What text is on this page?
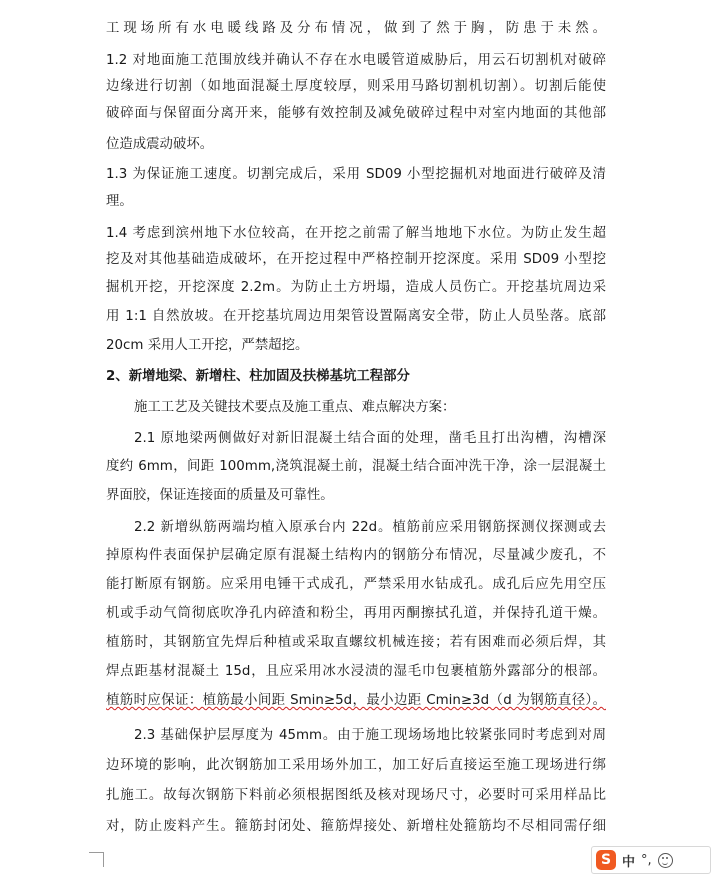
工现场所有水电暖线路及分布情况，做到了然于胸，防患于未然。
1.2 对地面施工范围放线并确认不存在水电暖管道威胁后，用云石切割机对破碎
边缘进行切割（如地面混凝土厚度较厚，则采用马路切割机切割）。切割后能使
破碎面与保留面分离开来，能够有效控制及减免破碎过程中对室内地面的其他部
位造成震动破坏。
1.3 为保证施工速度。切割完成后，采用 SD09 小型挖掘机对地面进行破碎及清
理。
1.4 考虑到滨州地下水位较高，在开挖之前需了解当地地下水位。为防止发生超
挖及对其他基础造成破坏，在开挖过程中严格控制开挖深度。采用 SD09 小型挖
掘机开挖，开挖深度 2.2m。为防止土方坍塌，造成人员伤亡。开挖基坑周边采
用 1:1 自然放坡。在开挖基坑周边用架管设置隔离安全带，防止人员坠落。底部
20cm 采用人工开挖，严禁超挖。
2、新增地梁、新增柱、柱加固及扶梯基坑工程部分
施工工艺及关键技术要点及施工重点、难点解决方案：
2.1 原地梁两侧做好对新旧混凝土结合面的处理，凿毛且打出沟槽，沟槽深
度约 6mm，间距 100mm,浇筑混凝土前，混凝土结合面冲洗干净，涂一层混凝土
界面胶，保证连接面的质量及可靠性。
2.2 新增纵筋两端均植入原承台内 22d。植筋前应采用钢筋探测仪探测或去
掉原构件表面保护层确定原有混凝土结构内的钢筋分布情况，尽量减少废孔，不
能打断原有钢筋。应采用电锤干式成孔，严禁采用水钻成孔。成孔后应先用空压
机或手动气筒彻底吹净孔内碎渣和粉尘，再用丙酮擦拭孔道，并保持孔道干燥。
植筋时，其钢筋宜先焊后种植或采取直螺纹机械连接；若有困难而必须后焊，其
焊点距基材混凝土 15d，且应采用冰水浸渍的湿毛巾包裹植筋外露部分的根部。
植筋时应保证：植筋最小间距 Smin≥5d，最小边距 Cmin≥3d（d 为钢筋直径）。
2.3 基础保护层厚度为 45mm。由于施工现场场地比较紧张同时考虑到对周
边环境的影响，此次钢筋加工采用场外加工，加工好后直接运至施工现场进行绑
扎施工。故每次钢筋下料前必须根据图纸及核对现场尺寸，必要时可采用样品比
对，防止废料产生。箍筋封闭处、箍筋焊接处、新增柱处箍筋均不尽相同需仔细
S 中 °,
